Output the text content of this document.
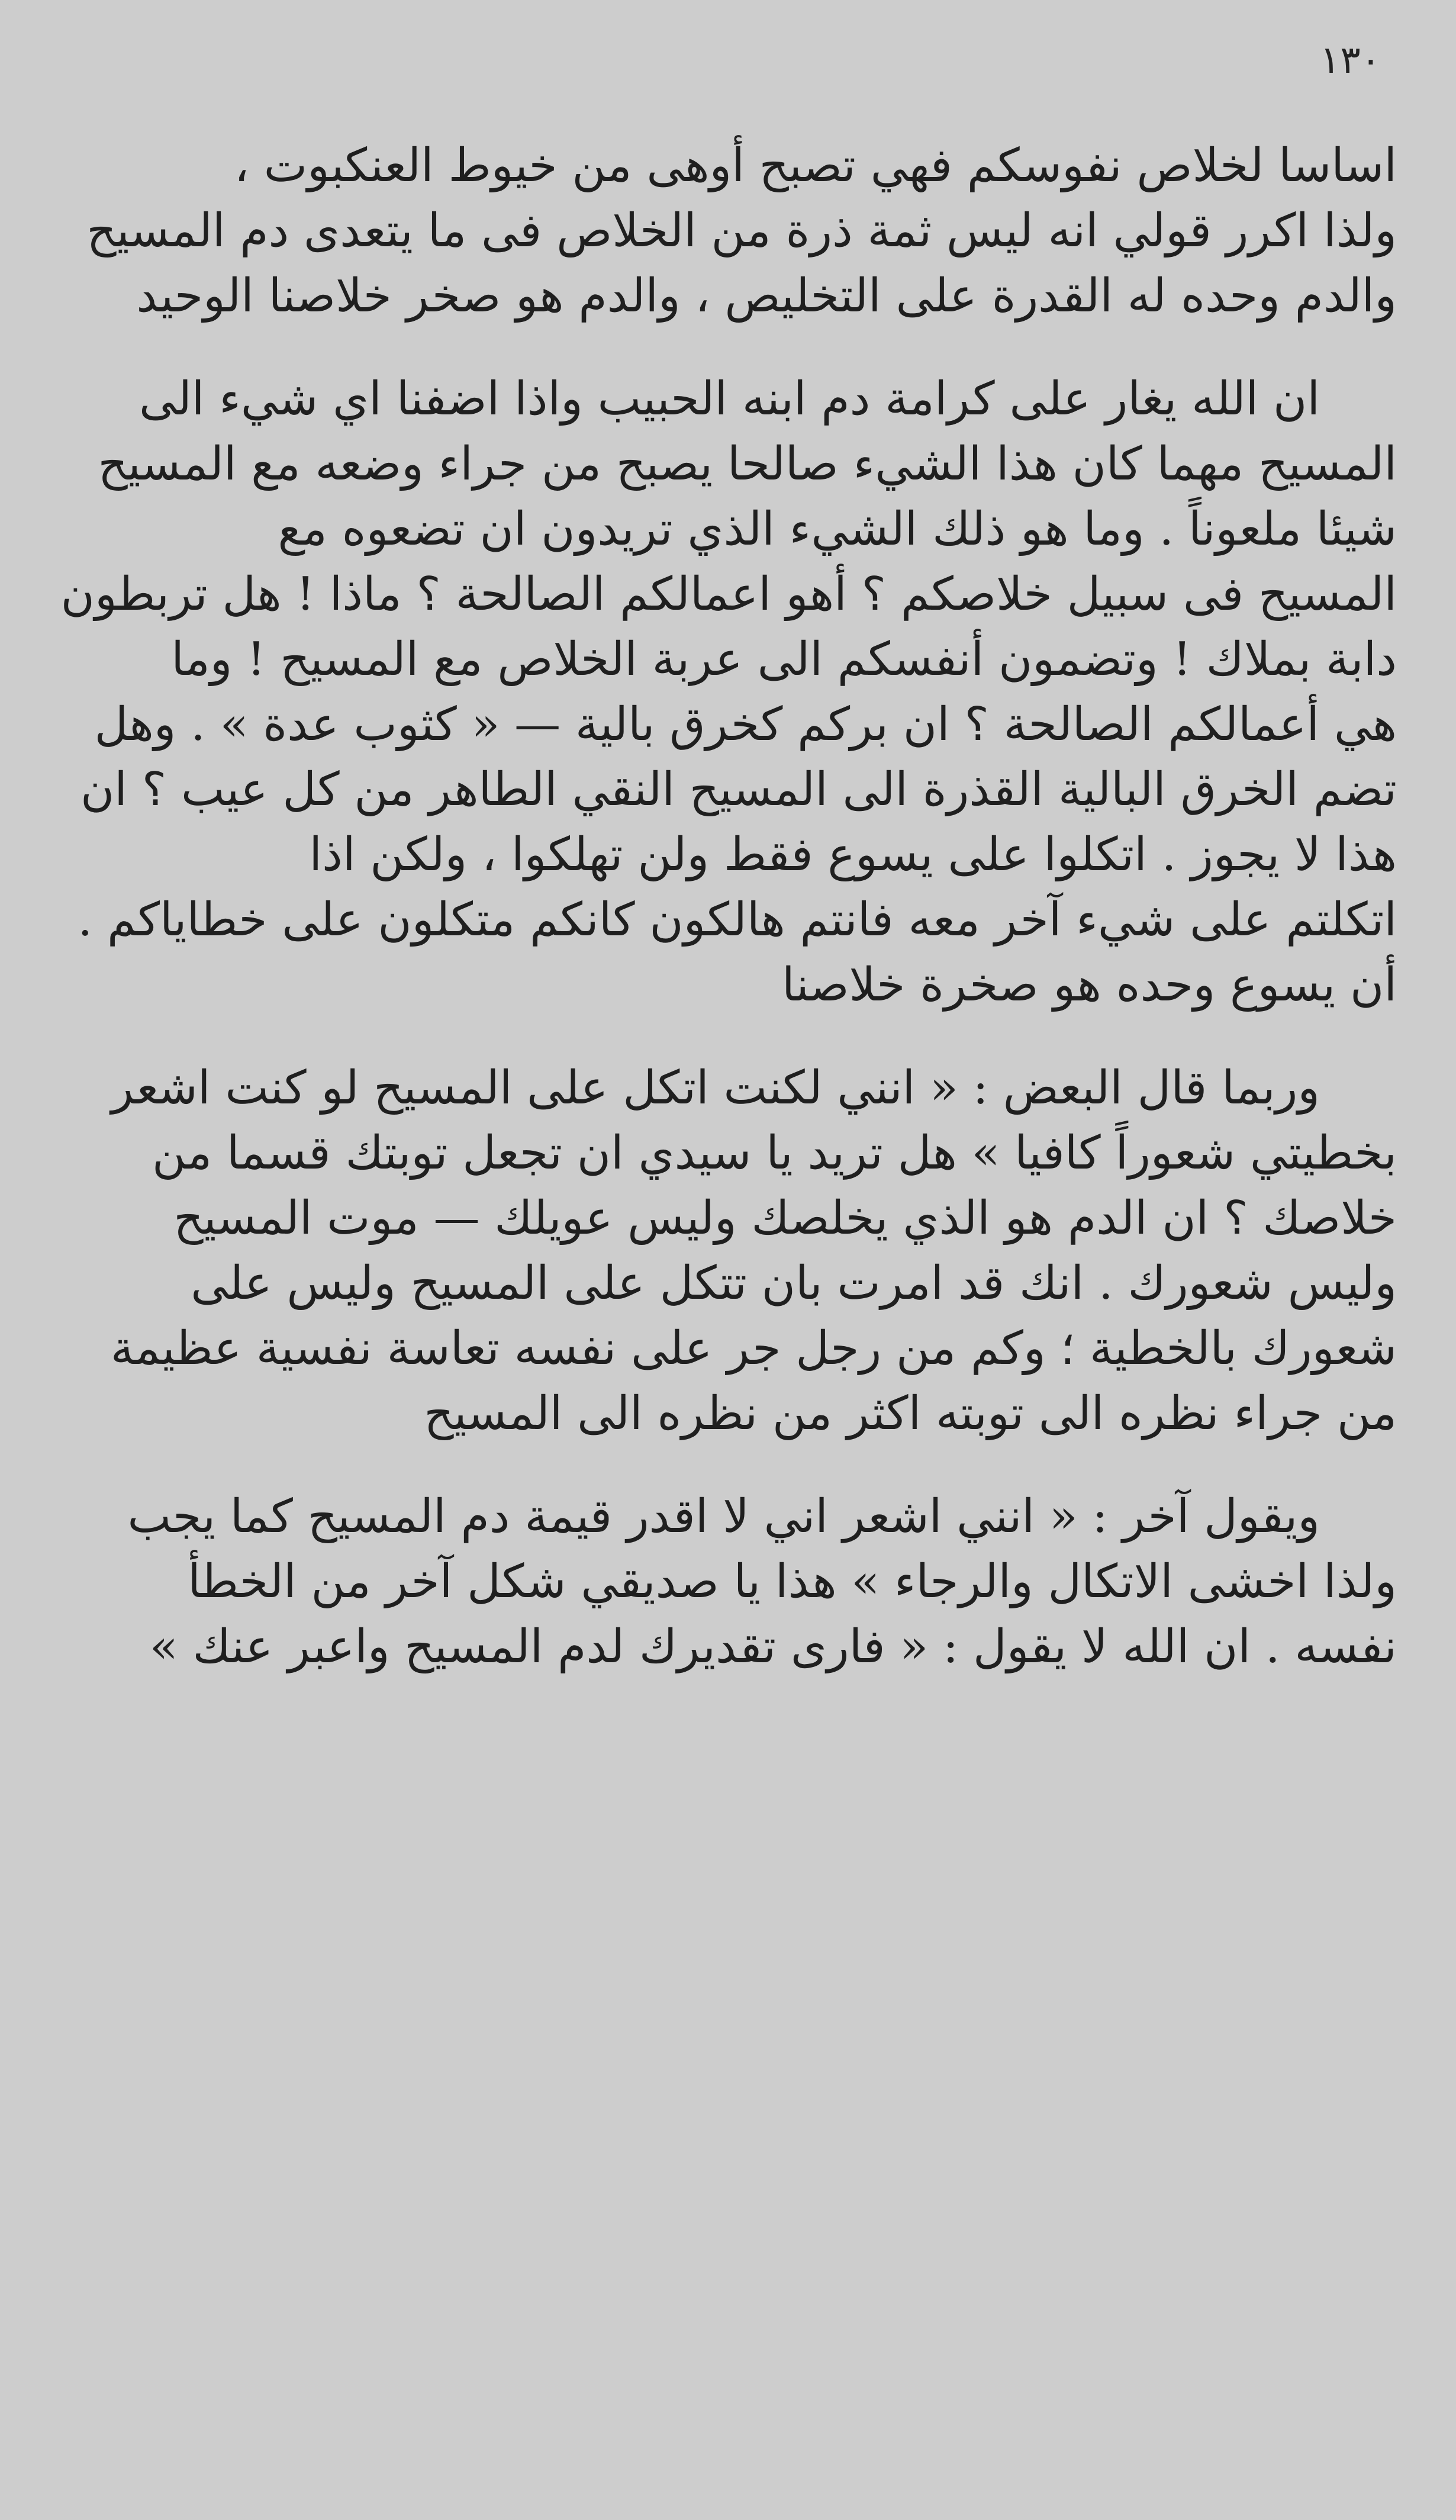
١٣٠
اساسا لخلاص نفوسكم فهي تصبح أوهى من خيوط العنكبوت ،
ولذا اكرر قولي انه ليس ثمة ذرة من الخلاص فى ما يتعدى دم المسيح
والدم وحده له القدرة على التخليص ، والدم هو صخر خلاصنا الوحيد
ان الله يغار على كرامة دم ابنه الحبيب واذا اضفنا اي شيء الى
المسيح مهما كان هذا الشيء صالحا يصبح من جراء وضعه مع المسيح
شيئا ملعوناً . وما هو ذلك الشيء الذي تريدون ان تضعوه مع
المسيح فى سبيل خلاصكم ؟ أهو اعمالكم الصالحة ؟ ماذا ! هل تربطون
دابة بملاك ! وتضمون أنفسكم الى عربة الخلاص مع المسيح ! وما
هي أعمالكم الصالحة ؟ ان بركم كخرق بالية — « كثوب عدة » . وهل
تضم الخرق البالية القذرة الى المسيح النقي الطاهر من كل عيب ؟ ان
هذا لا يجوز . اتكلوا على يسوع فقط ولن تهلكوا ، ولكن اذا
اتكلتم على شيء آخر معه فانتم هالكون كانكم متكلون على خطاياكم .
أن يسوع وحده هو صخرة خلاصنا
وربما قال البعض : « انني لكنت اتكل على المسيح لو كنت اشعر
بخطيتي شعوراً كافيا » هل تريد يا سيدي ان تجعل توبتك قسما من
خلاصك ؟ ان الدم هو الذي يخلصك وليس عويلك — موت المسيح
وليس شعورك . انك قد امرت بان تتكل على المسيح وليس على
شعورك بالخطية ؛ وكم من رجل جر على نفسه تعاسة نفسية عظيمة
من جراء نظره الى توبته اكثر من نظره الى المسيح
ويقول آخر : « انني اشعر اني لا اقدر قيمة دم المسيح كما يجب
ولذا اخشى الاتكال والرجاء » هذا يا صديقي شكل آخر من الخطأ
نفسه . ان الله لا يقول : « فارى تقديرك لدم المسيح واعبر عنك »
